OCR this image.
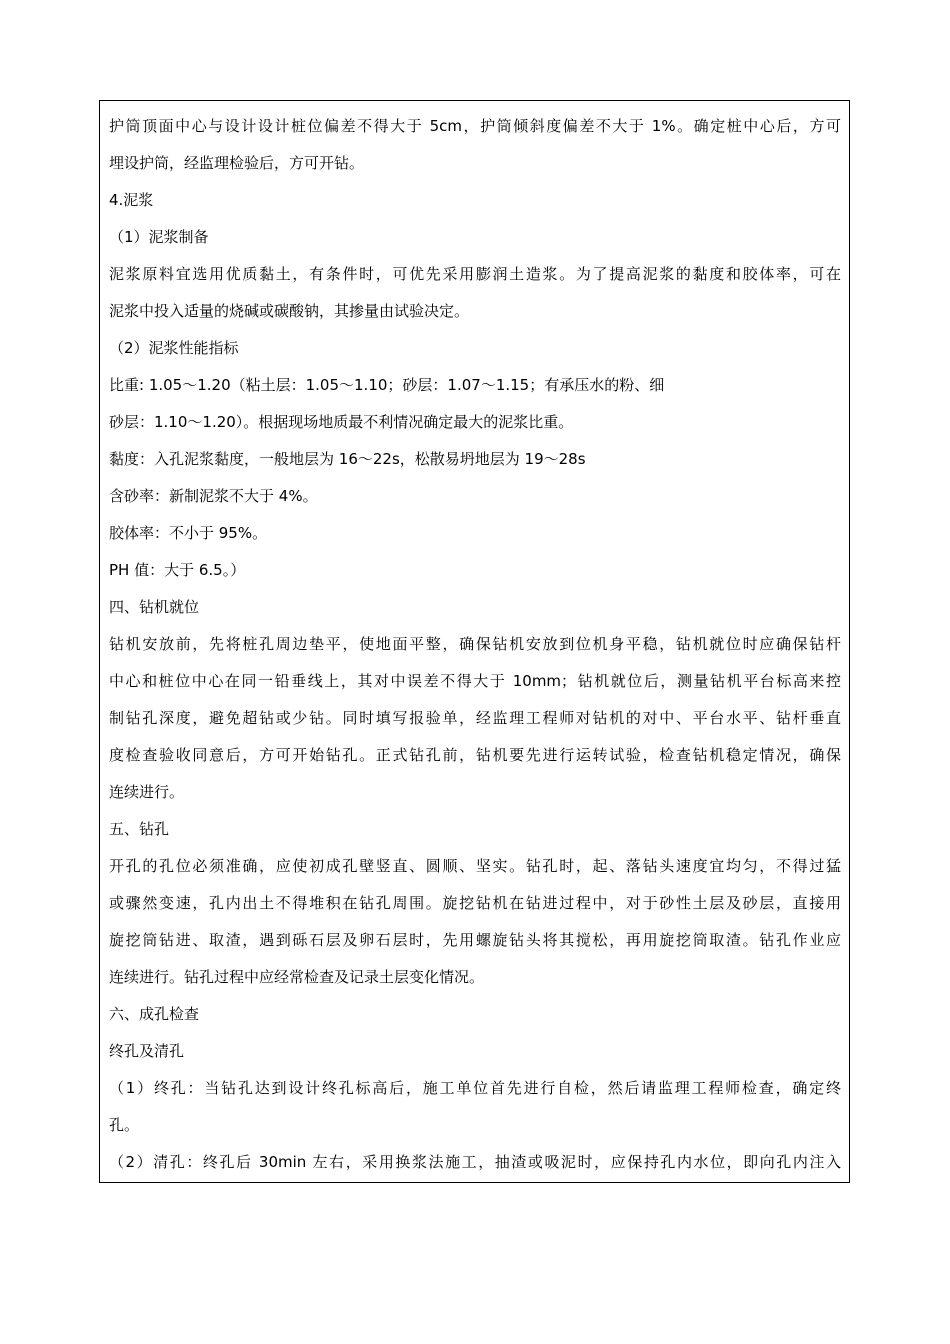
护筒顶面中心与设计设计桩位偏差不得大于 5cm，护筒倾斜度偏差不大于 1%。确定桩中心后，方可
埋设护筒，经监理检验后，方可开钻。
4.泥浆
（1）泥浆制备
泥浆原料宜选用优质黏土，有条件时，可优先采用膨润土造浆。为了提高泥浆的黏度和胶体率，可在
泥浆中投入适量的烧碱或碳酸钠，其掺量由试验决定。
（2）泥浆性能指标
比重: 1.05～1.20（粘土层：1.05～1.10；砂层：1.07～1.15；有承压水的粉、细
砂层：1.10～1.20）。根据现场地质最不利情况确定最大的泥浆比重。
黏度：入孔泥浆黏度，一般地层为 16～22s，松散易坍地层为 19～28s
含砂率：新制泥浆不大于 4%。
胶体率：不小于 95%。
PH 值：大于 6.5。）
四、钻机就位
钻机安放前，先将桩孔周边垫平，使地面平整，确保钻机安放到位机身平稳，钻机就位时应确保钻杆
中心和桩位中心在同一铅垂线上，其对中误差不得大于 10mm；钻机就位后，测量钻机平台标高来控
制钻孔深度，避免超钻或少钻。同时填写报验单，经监理工程师对钻机的对中、平台水平、钻杆垂直
度检查验收同意后，方可开始钻孔。正式钻孔前，钻机要先进行运转试验，检查钻机稳定情况，确保
连续进行。
五、钻孔
开孔的孔位必须准确，应使初成孔壁竖直、圆顺、坚实。钻孔时，起、落钻头速度宜均匀，不得过猛
或骤然变速，孔内出土不得堆积在钻孔周围。旋挖钻机在钻进过程中，对于砂性土层及砂层，直接用
旋挖筒钻进、取渣，遇到砾石层及卵石层时，先用螺旋钻头将其搅松，再用旋挖筒取渣。钻孔作业应
连续进行。钻孔过程中应经常检查及记录土层变化情况。
六、成孔检查
终孔及清孔
（1）终孔：当钻孔达到设计终孔标高后，施工单位首先进行自检，然后请监理工程师检查，确定终
孔。
（2）清孔：终孔后 30min 左右，采用换浆法施工，抽渣或吸泥时，应保持孔内水位，即向孔内注入
